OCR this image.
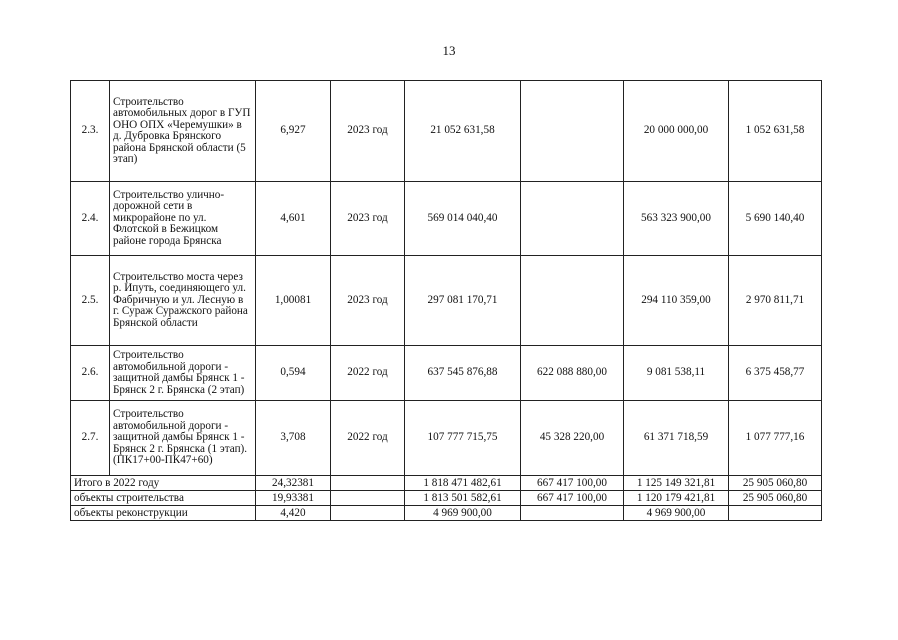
13
2.3.	Строительство автомобильных дорог в ГУП ОНО ОПХ «Черемушки» в д. Дубровка Брянского района Брянской области (5 этап)	6,927	2023 год	21 052 631,58		20 000 000,00	1 052 631,58
2.4.	Строительство улично-дорожной сети в микрорайоне по ул. Флотской в Бежицком районе города Брянска	4,601	2023 год	569 014 040,40		563 323 900,00	5 690 140,40
2.5.	Строительство моста через р. Ипуть, соединяющего ул. Фабричную и ул. Лесную в г. Сураж Суражского района Брянской области	1,00081	2023 год	297 081 170,71		294 110 359,00	2 970 811,71
2.6.	Строительство автомобильной дороги - защитной дамбы Брянск 1 - Брянск 2 г. Брянска (2 этап)	0,594	2022 год	637 545 876,88	622 088 880,00	9 081 538,11	6 375 458,77
2.7.	Строительство автомобильной дороги - защитной дамбы Брянск 1 - Брянск 2 г. Брянска (1 этап). (ПК17+00-ПК47+60)	3,708	2022 год	107 777 715,75	45 328 220,00	61 371 718,59	1 077 777,16
Итого в 2022 году		24,32381		1 818 471 482,61	667 417 100,00	1 125 149 321,81	25 905 060,80
объекты строительства		19,93381		1 813 501 582,61	667 417 100,00	1 120 179 421,81	25 905 060,80
объекты реконструкции		4,420		4 969 900,00		4 969 900,00	
